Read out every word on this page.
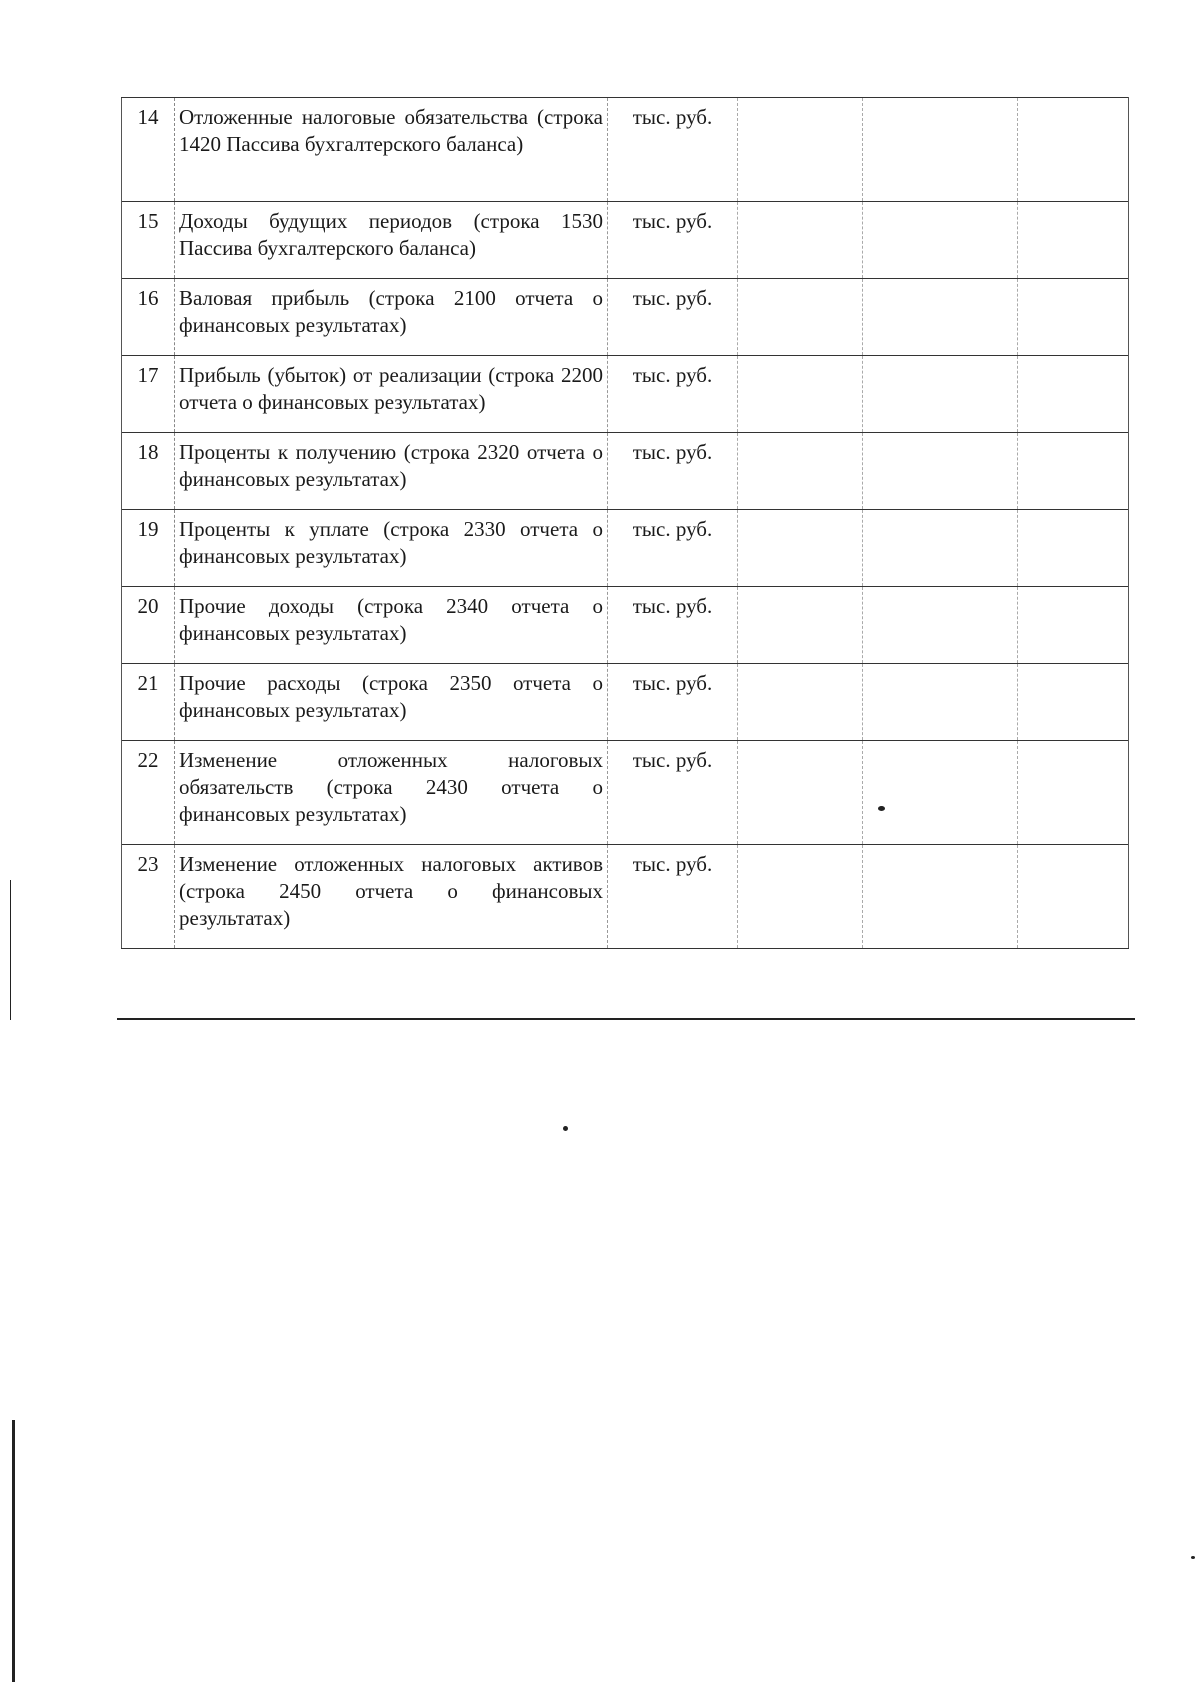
14	Отложенные налоговые обязательства (строка 1420 Пассива бухгалтерского баланса)	тыс. руб.			
15	Доходы будущих периодов (строка 1530 Пассива бухгалтерского баланса)	тыс. руб.			
16	Валовая прибыль (строка 2100 отчета о финансовых результатах)	тыс. руб.			
17	Прибыль (убыток) от реализации (строка 2200 отчета о финансовых результатах)	тыс. руб.			
18	Проценты к получению (строка 2320 отчета о финансовых результатах)	тыс. руб.			
19	Проценты к уплате (строка 2330 отчета о финансовых результатах)	тыс. руб.			
20	Прочие доходы (строка 2340 отчета о финансовых результатах)	тыс. руб.			
21	Прочие расходы (строка 2350 отчета о финансовых результатах)	тыс. руб.			
22	Изменение отложенных налоговых обязательств (строка 2430 отчета о финансовых результатах)	тыс. руб.			
23	Изменение отложенных налоговых активов (строка 2450 отчета о финансовых результатах)	тыс. руб.			
